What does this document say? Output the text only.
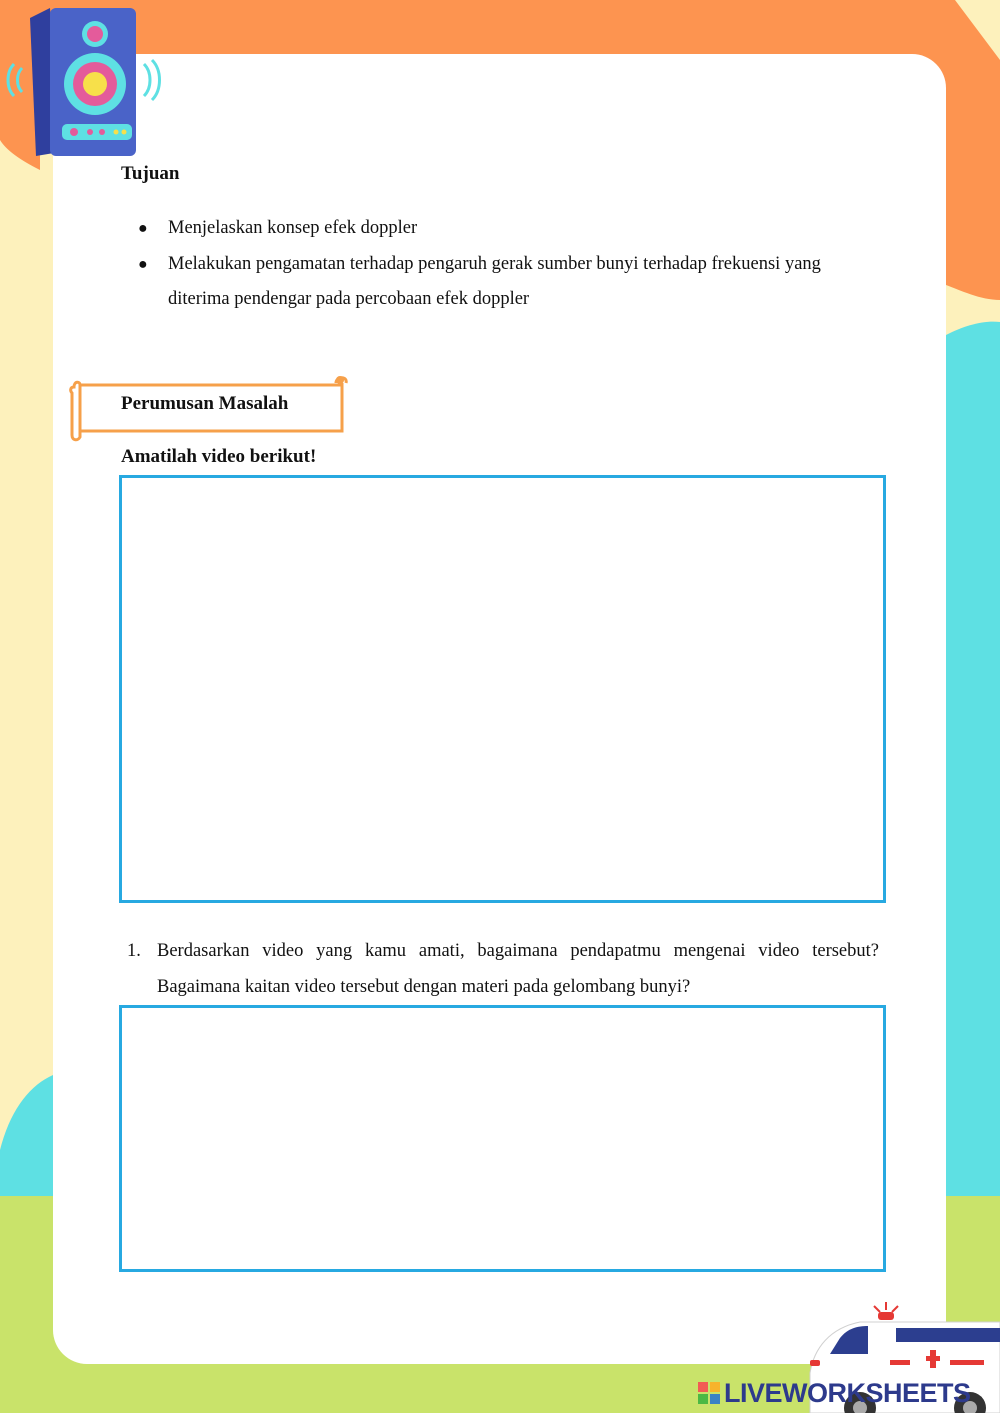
Tujuan
● Menjelaskan konsep efek doppler
● Melakukan pengamatan terhadap pengaruh gerak sumber bunyi terhadap frekuensi yang diterima pendengar pada percobaan efek doppler
Perumusan Masalah
Amatilah video berikut!
1. Berdasarkan video yang kamu amati, bagaimana pendapatmu mengenai video tersebut? Bagaimana kaitan video tersebut dengan materi pada gelombang bunyi?
LIVEWORKSHEETS
